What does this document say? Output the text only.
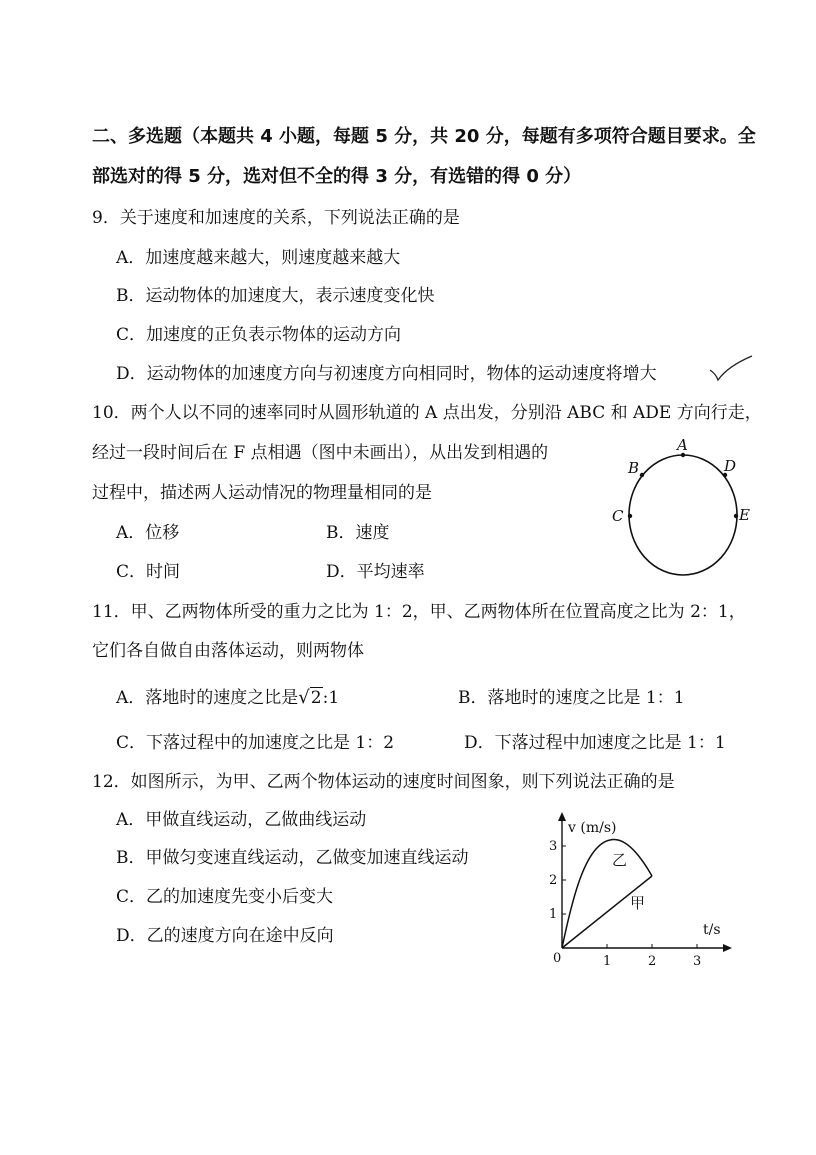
二、多选题（本题共 4 小题，每题 5 分，共 20 分，每题有多项符合题目要求。全
部选对的得 5 分，选对但不全的得 3 分，有选错的得 0 分）
9．关于速度和加速度的关系，下列说法正确的是
A．加速度越来越大，则速度越来越大
B．运动物体的加速度大，表示速度变化快
C．加速度的正负表示物体的运动方向
D．运动物体的加速度方向与初速度方向相同时，物体的运动速度将增大
10．两个人以不同的速率同时从圆形轨道的 A 点出发，分别沿 ABC 和 ADE 方向行走，
经过一段时间后在 F 点相遇（图中未画出），从出发到相遇的
过程中，描述两人运动情况的物理量相同的是
A．位移	B．速度
C．时间	D．平均速率
A
B	D
C	E
11．甲、乙两物体所受的重力之比为 1：2，甲、乙两物体所在位置高度之比为 2：1，
它们各自做自由落体运动，则两物体
A．落地时的速度之比是√2:1	B．落地时的速度之比是 1：1
C．下落过程中的加速度之比是 1：2	D．下落过程中加速度之比是 1：1
12．如图所示，为甲、乙两个物体运动的速度时间图象，则下列说法正确的是
A．甲做直线运动，乙做曲线运动
B．甲做匀变速直线运动，乙做变加速直线运动
C．乙的加速度先变小后变大
D．乙的速度方向在途中反向
v (m/s)
t/s
0	1	2	3
1
2
3
甲
乙
